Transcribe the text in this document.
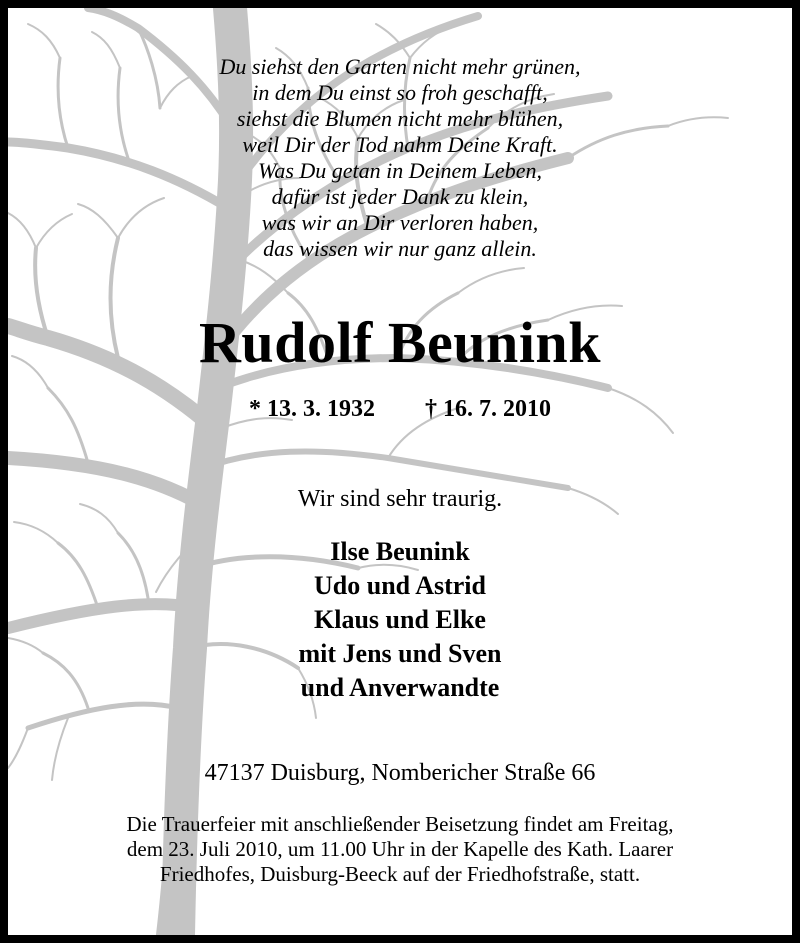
Du siehst den Garten nicht mehr grünen,
in dem Du einst so froh geschafft,
siehst die Blumen nicht mehr blühen,
weil Dir der Tod nahm Deine Kraft.
Was Du getan in Deinem Leben,
dafür ist jeder Dank zu klein,
was wir an Dir verloren haben,
das wissen wir nur ganz allein.
Rudolf Beunink
* 13. 3. 1932 † 16. 7. 2010
Wir sind sehr traurig.
Ilse Beunink
Udo und Astrid
Klaus und Elke
mit Jens und Sven
und Anverwandte
47137 Duisburg, Nombericher Straße 66
Die Trauerfeier mit anschließender Beisetzung findet am Freitag,
dem 23. Juli 2010, um 11.00 Uhr in der Kapelle des Kath. Laarer
Friedhofes, Duisburg-Beeck auf der Friedhofstraße, statt.
